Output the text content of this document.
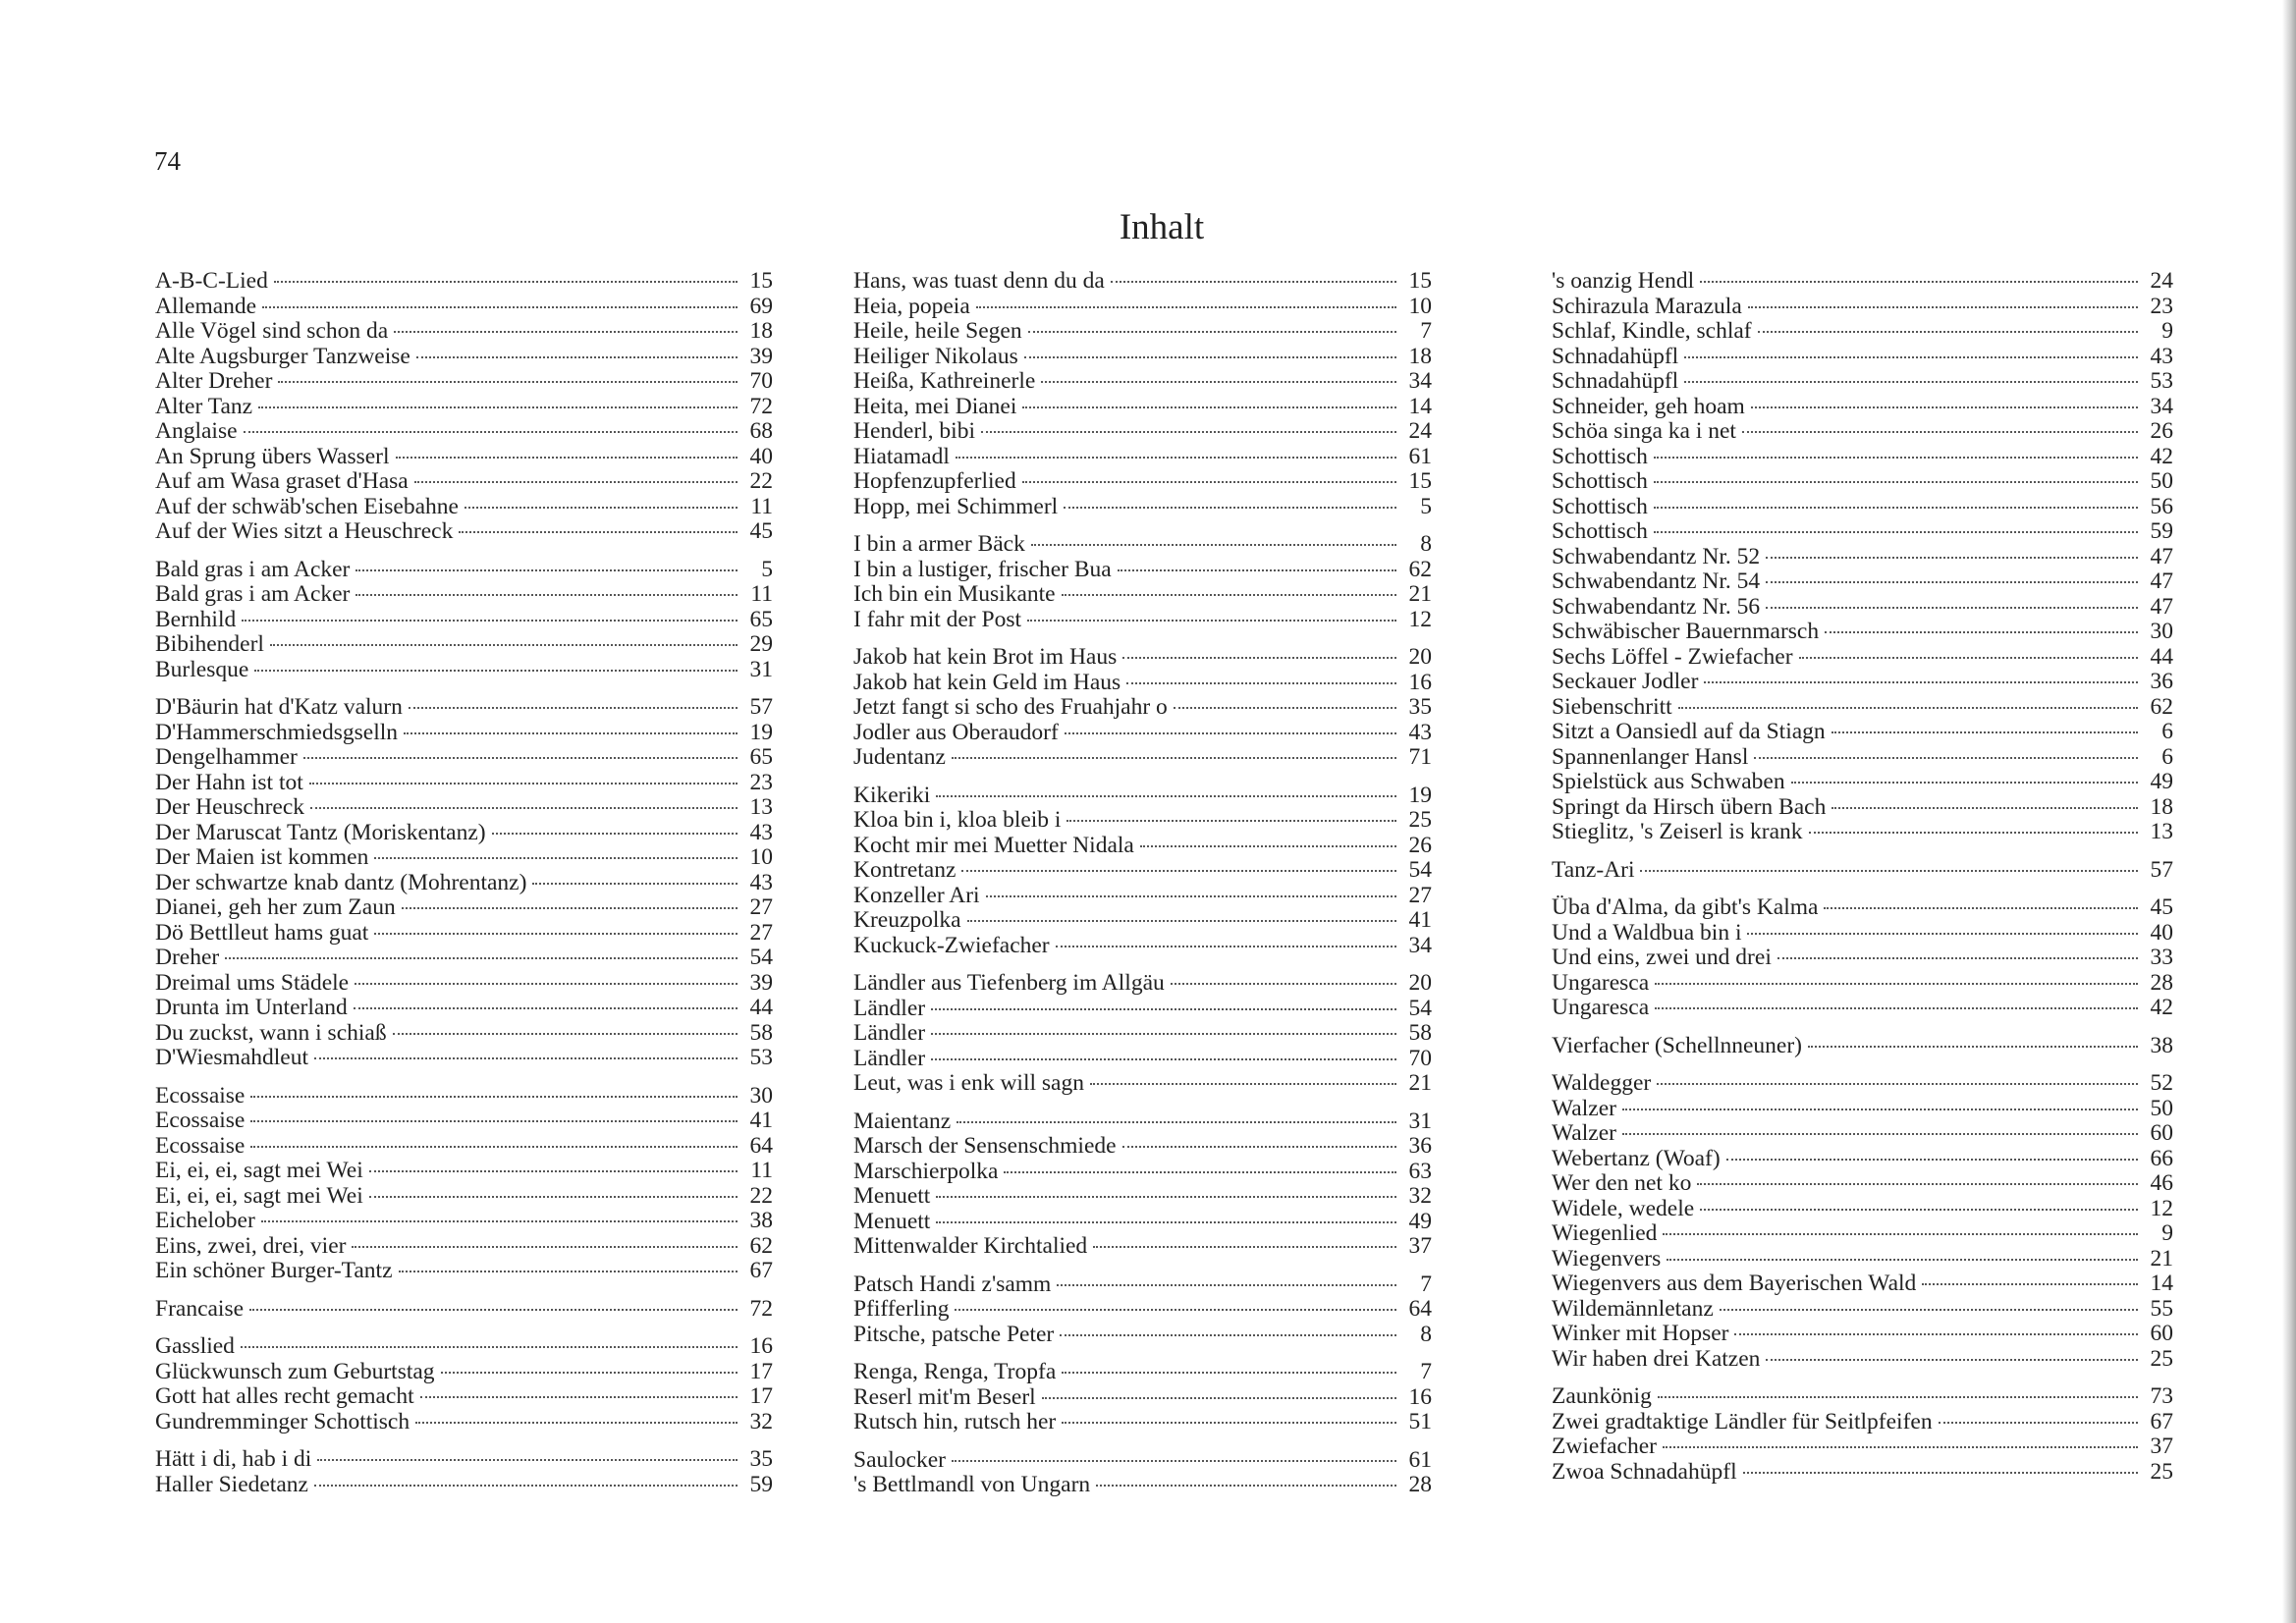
74
Inhalt
A-B-C-Lied	15
Allemande	69
Alle Vögel sind schon da	18
Alte Augsburger Tanzweise	39
Alter Dreher	70
Alter Tanz	72
Anglaise	68
An Sprung übers Wasserl	40
Auf am Wasa graset d'Hasa	22
Auf der schwäb'schen Eisebahne	11
Auf der Wies sitzt a Heuschreck	45
Bald gras i am Acker	5
Bald gras i am Acker	11
Bernhild	65
Bibihenderl	29
Burlesque	31
D'Bäurin hat d'Katz valurn	57
D'Hammerschmiedsgselln	19
Dengelhammer	65
Der Hahn ist tot	23
Der Heuschreck	13
Der Maruscat Tantz (Moriskentanz)	43
Der Maien ist kommen	10
Der schwartze knab dantz (Mohrentanz)	43
Dianei, geh her zum Zaun	27
Dö Bettlleut hams guat	27
Dreher	54
Dreimal ums Städele	39
Drunta im Unterland	44
Du zuckst, wann i schiaß	58
D'Wiesmahdleut	53
Ecossaise	30
Ecossaise	41
Ecossaise	64
Ei, ei, ei, sagt mei Wei	11
Ei, ei, ei, sagt mei Wei	22
Eichelober	38
Eins, zwei, drei, vier	62
Ein schöner Burger-Tantz	67
Francaise	72
Gasslied	16
Glückwunsch zum Geburtstag	17
Gott hat alles recht gemacht	17
Gundremminger Schottisch	32
Hätt i di, hab i di	35
Haller Siedetanz	59
Hans, was tuast denn du da	15
Heia, popeia	10
Heile, heile Segen	7
Heiliger Nikolaus	18
Heißa, Kathreinerle	34
Heita, mei Dianei	14
Henderl, bibi	24
Hiatamadl	61
Hopfenzupferlied	15
Hopp, mei Schimmerl	5
I bin a armer Bäck	8
I bin a lustiger, frischer Bua	62
Ich bin ein Musikante	21
I fahr mit der Post	12
Jakob hat kein Brot im Haus	20
Jakob hat kein Geld im Haus	16
Jetzt fangt si scho des Fruahjahr o	35
Jodler aus Oberaudorf	43
Judentanz	71
Kikeriki	19
Kloa bin i, kloa bleib i	25
Kocht mir mei Muetter Nidala	26
Kontretanz	54
Konzeller Ari	27
Kreuzpolka	41
Kuckuck-Zwiefacher	34
Ländler aus Tiefenberg im Allgäu	20
Ländler	54
Ländler	58
Ländler	70
Leut, was i enk will sagn	21
Maientanz	31
Marsch der Sensenschmiede	36
Marschierpolka	63
Menuett	32
Menuett	49
Mittenwalder Kirchtalied	37
Patsch Handi z'samm	7
Pfifferling	64
Pitsche, patsche Peter	8
Renga, Renga, Tropfa	7
Reserl mit'm Beserl	16
Rutsch hin, rutsch her	51
Saulocker	61
's Bettlmandl von Ungarn	28
's oanzig Hendl	24
Schirazula Marazula	23
Schlaf, Kindle, schlaf	9
Schnadahüpfl	43
Schnadahüpfl	53
Schneider, geh hoam	34
Schöa singa ka i net	26
Schottisch	42
Schottisch	50
Schottisch	56
Schottisch	59
Schwabendantz Nr. 52	47
Schwabendantz Nr. 54	47
Schwabendantz Nr. 56	47
Schwäbischer Bauernmarsch	30
Sechs Löffel - Zwiefacher	44
Seckauer Jodler	36
Siebenschritt	62
Sitzt a Oansiedl auf da Stiagn	6
Spannenlanger Hansl	6
Spielstück aus Schwaben	49
Springt da Hirsch übern Bach	18
Stieglitz, 's Zeiserl is krank	13
Tanz-Ari	57
Üba d'Alma, da gibt's Kalma	45
Und a Waldbua bin i	40
Und eins, zwei und drei	33
Ungaresca	28
Ungaresca	42
Vierfacher (Schellnneuner)	38
Waldegger	52
Walzer	50
Walzer	60
Webertanz (Woaf)	66
Wer den net ko	46
Widele, wedele	12
Wiegenlied	9
Wiegenvers	21
Wiegenvers aus dem Bayerischen Wald	14
Wildemännletanz	55
Winker mit Hopser	60
Wir haben drei Katzen	25
Zaunkönig	73
Zwei gradtaktige Ländler für Seitlpfeifen	67
Zwiefacher	37
Zwoa Schnadahüpfl	25
